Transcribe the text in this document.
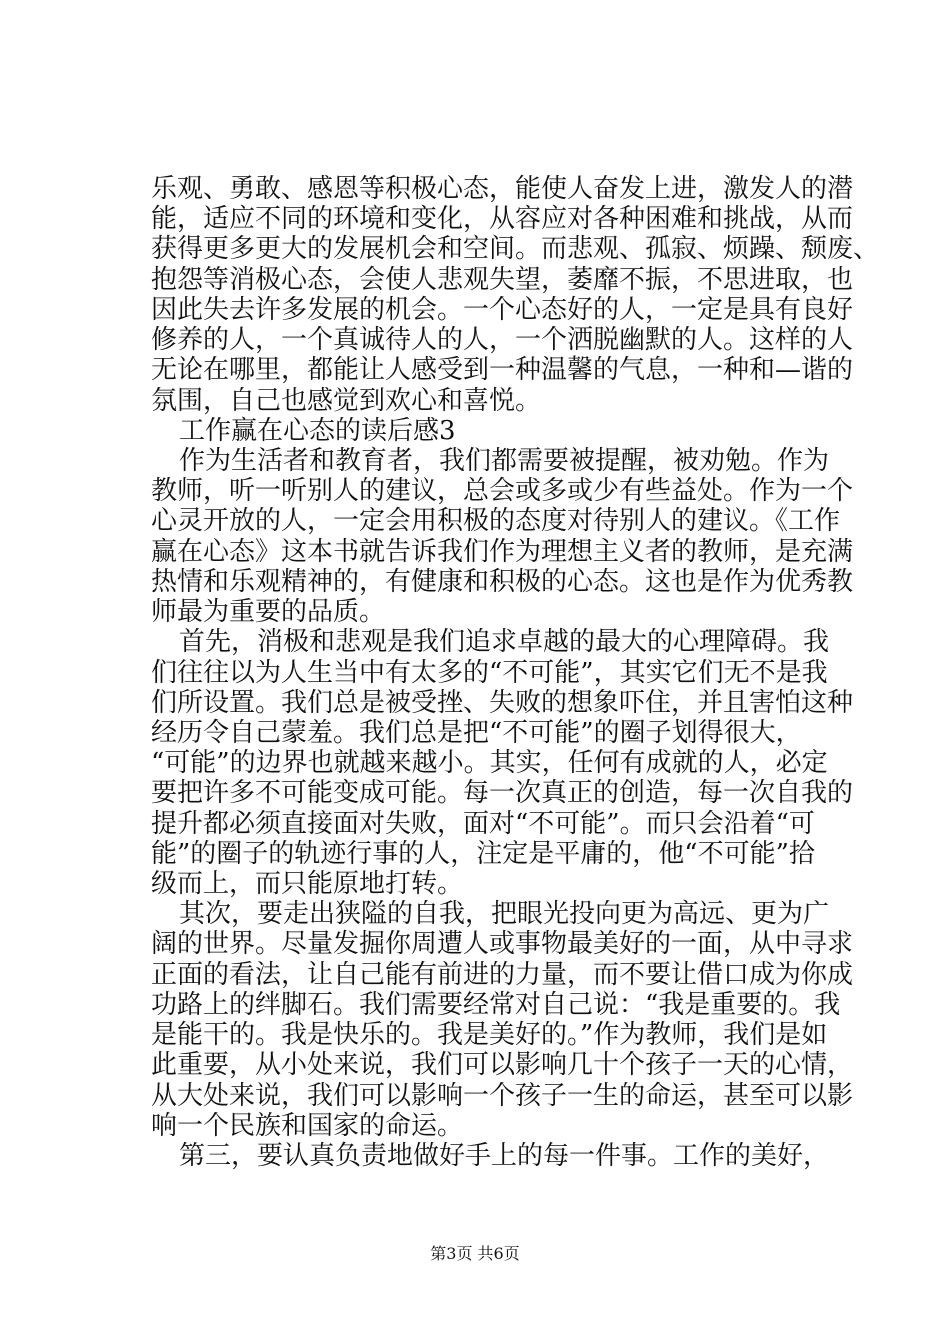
乐观、勇敢、感恩等积极心态，能使人奋发上进，激发人的潜
能，适应不同的环境和变化，从容应对各种困难和挑战，从而
获得更多更大的发展机会和空间。而悲观、孤寂、烦躁、颓废、
抱怨等消极心态，会使人悲观失望，萎靡不振，不思进取，也
因此失去许多发展的机会。一个心态好的人，一定是具有良好
修养的人，一个真诚待人的人，一个洒脱幽默的人。这样的人
无论在哪里，都能让人感受到一种温馨的气息，一种和—谐的
氛围，自己也感觉到欢心和喜悦。
工作赢在心态的读后感3
作为生活者和教育者，我们都需要被提醒，被劝勉。作为
教师，听一听别人的建议，总会或多或少有些益处。作为一个
心灵开放的人，一定会用积极的态度对待别人的建议。《工作
赢在心态》这本书就告诉我们作为理想主义者的教师，是充满
热情和乐观精神的，有健康和积极的心态。这也是作为优秀教
师最为重要的品质。
首先，消极和悲观是我们追求卓越的最大的心理障碍。我
们往往以为人生当中有太多的“不可能”，其实它们无不是我
们所设置。我们总是被受挫、失败的想象吓住，并且害怕这种
经历令自己蒙羞。我们总是把“不可能”的圈子划得很大，
“可能”的边界也就越来越小。其实，任何有成就的人，必定
要把许多不可能变成可能。每一次真正的创造，每一次自我的
提升都必须直接面对失败，面对“不可能”。而只会沿着“可
能”的圈子的轨迹行事的人，注定是平庸的，他“不可能”拾
级而上，而只能原地打转。
其次，要走出狭隘的自我，把眼光投向更为高远、更为广
阔的世界。尽量发掘你周遭人或事物最美好的一面，从中寻求
正面的看法，让自己能有前进的力量，而不要让借口成为你成
功路上的绊脚石。我们需要经常对自己说：“我是重要的。我
是能干的。我是快乐的。我是美好的。”作为教师，我们是如
此重要，从小处来说，我们可以影响几十个孩子一天的心情，
从大处来说，我们可以影响一个孩子一生的命运，甚至可以影
响一个民族和国家的命运。
第三，要认真负责地做好手上的每一件事。工作的美好，
第3页 共6页
